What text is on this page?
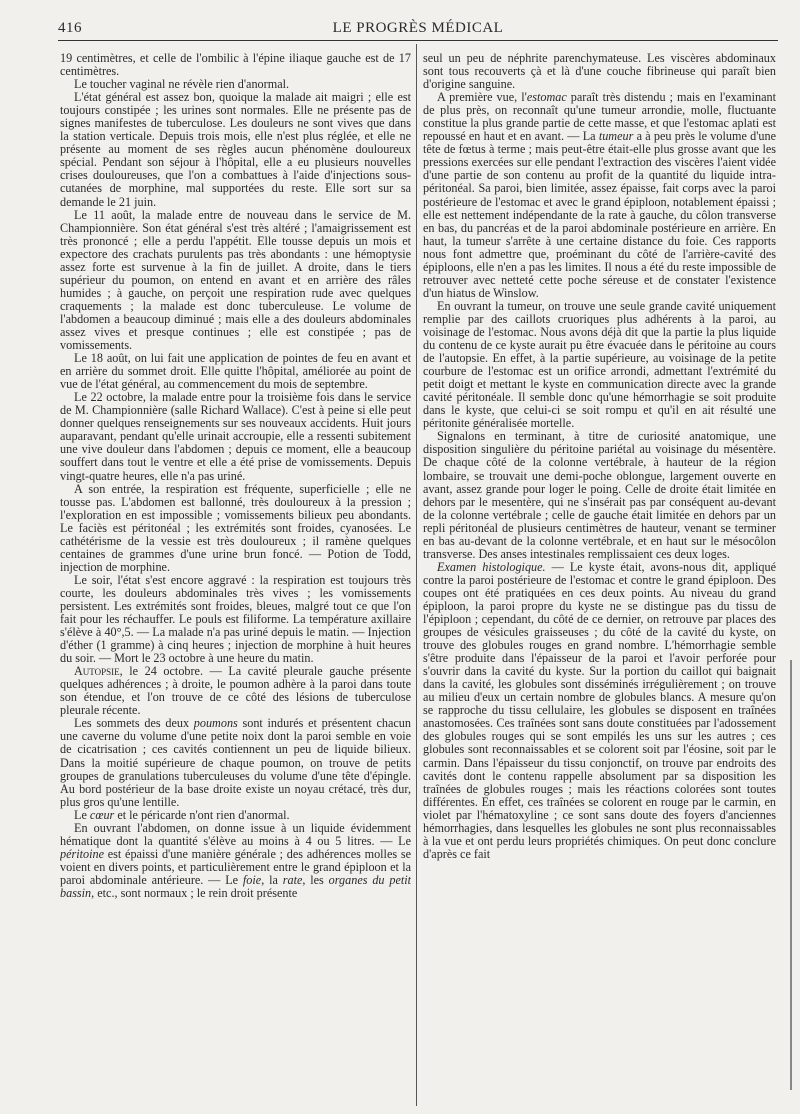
416	LE PROGRÈS MÉDICAL

19 centimètres, et celle de l'ombilic à l'épine iliaque gauche est de 17 centimètres.

Le toucher vaginal ne révèle rien d'anormal.

L'état général est assez bon, quoique la malade ait maigri ; elle est toujours constipée ; les urines sont normales. Elle ne présente pas de signes manifestes de tuberculose. Les douleurs ne sont vives que dans la station verticale. Depuis trois mois, elle n'est plus réglée, et elle ne présente au moment de ses règles aucun phénomène douloureux spécial. Pendant son séjour à l'hôpital, elle a eu plusieurs nouvelles crises douloureuses, que l'on a combattues à l'aide d'injections sous-cutanées de morphine, mal supportées du reste. Elle sort sur sa demande le 21 juin.

Le 11 août, la malade entre de nouveau dans le service de M. Championnière. Son état général s'est très altéré ; l'amaigrissement est très prononcé ; elle a perdu l'appétit. Elle tousse depuis un mois et expectore des crachats purulents pas très abondants : une hémoptysie assez forte est survenue à la fin de juillet. A droite, dans le tiers supérieur du poumon, on entend en avant et en arrière des râles humides ; à gauche, on perçoit une respiration rude avec quelques craquements ; la malade est donc tuberculeuse. Le volume de l'abdomen a beaucoup diminué ; mais elle a des douleurs abdominales assez vives et presque continues ; elle est constipée ; pas de vomissements.

Le 18 août, on lui fait une application de pointes de feu en avant et en arrière du sommet droit. Elle quitte l'hôpital, améliorée au point de vue de l'état général, au commencement du mois de septembre.

Le 22 octobre, la malade entre pour la troisième fois dans le service de M. Championnière (salle Richard Wallace). C'est à peine si elle peut donner quelques renseignements sur ses nouveaux accidents. Huit jours auparavant, pendant qu'elle urinait accroupie, elle a ressenti subitement une vive douleur dans l'abdomen ; depuis ce moment, elle a beaucoup souffert dans tout le ventre et elle a été prise de vomissements. Depuis vingt-quatre heures, elle n'a pas uriné.

A son entrée, la respiration est fréquente, superficielle ; elle ne tousse pas. L'abdomen est ballonné, très douloureux à la pression ; l'exploration en est impossible ; vomissements bilieux peu abondants. Le faciès est péritonéal ; les extrémités sont froides, cyanosées. Le cathétérisme de la vessie est très douloureux ; il ramène quelques centaines de grammes d'une urine brun foncé. — Potion de Todd, injection de morphine.

Le soir, l'état s'est encore aggravé : la respiration est toujours très courte, les douleurs abdominales très vives ; les vomissements persistent. Les extrémités sont froides, bleues, malgré tout ce que l'on fait pour les réchauffer. Le pouls est filiforme. La température axillaire s'élève à 40°,5. — La malade n'a pas uriné depuis le matin. — Injection d'éther (1 gramme) à cinq heures ; injection de morphine à huit heures du soir. — Mort le 23 octobre à une heure du matin.

Autopsie, le 24 octobre. — La cavité pleurale gauche présente quelques adhérences ; à droite, le poumon adhère à la paroi dans toute son étendue, et l'on trouve de ce côté des lésions de tuberculose pleurale récente.

Les sommets des deux poumons sont indurés et présentent chacun une caverne du volume d'une petite noix dont la paroi semble en voie de cicatrisation ; ces cavités contiennent un peu de liquide bilieux. Dans la moitié supérieure de chaque poumon, on trouve de petits groupes de granulations tuberculeuses du volume d'une tête d'épingle. Au bord postérieur de la base droite existe un noyau crétacé, très dur, plus gros qu'une lentille.

Le cœur et le péricarde n'ont rien d'anormal.

En ouvrant l'abdomen, on donne issue à un liquide évidemment hématique dont la quantité s'élève au moins à 4 ou 5 litres. — Le péritoine est épaissi d'une manière générale ; des adhérences molles se voient en divers points, et particulièrement entre le grand épiploon et la paroi abdominale antérieure. — Le foie, la rate, les organes du petit bassin, etc., sont normaux ; le rein droit présente

seul un peu de néphrite parenchymateuse. Les viscères abdominaux sont tous recouverts çà et là d'une couche fibrineuse qui paraît bien d'origine sanguine.

A première vue, l'estomac paraît très distendu ; mais en l'examinant de plus près, on reconnaît qu'une tumeur arrondie, molle, fluctuante constitue la plus grande partie de cette masse, et que l'estomac aplati est repoussé en haut et en avant. — La tumeur a à peu près le volume d'une tête de fœtus à terme ; mais peut-être était-elle plus grosse avant que les pressions exercées sur elle pendant l'extraction des viscères l'aient vidée d'une partie de son contenu au profit de la quantité du liquide intra-péritonéal. Sa paroi, bien limitée, assez épaisse, fait corps avec la paroi postérieure de l'estomac et avec le grand épiploon, notablement épaissi ; elle est nettement indépendante de la rate à gauche, du côlon transverse en bas, du pancréas et de la paroi abdominale postérieure en arrière. En haut, la tumeur s'arrête à une certaine distance du foie. Ces rapports nous font admettre que, proéminant du côté de l'arrière-cavité des épiploons, elle n'en a pas les limites. Il nous a été du reste impossible de retrouver avec netteté cette poche séreuse et de constater l'existence d'un hiatus de Winslow.

En ouvrant la tumeur, on trouve une seule grande cavité uniquement remplie par des caillots cruoriques plus adhérents à la paroi, au voisinage de l'estomac. Nous avons déjà dit que la partie la plus liquide du contenu de ce kyste aurait pu être évacuée dans le péritoine au cours de l'autopsie. En effet, à la partie supérieure, au voisinage de la petite courbure de l'estomac est un orifice arrondi, admettant l'extrémité du petit doigt et mettant le kyste en communication directe avec la grande cavité péritonéale. Il semble donc qu'une hémorrhagie se soit produite dans le kyste, que celui-ci se soit rompu et qu'il en ait résulté une péritonite généralisée mortelle.

Signalons en terminant, à titre de curiosité anatomique, une disposition singulière du péritoine pariétal au voisinage du mésentère. De chaque côté de la colonne vertébrale, à hauteur de la région lombaire, se trouvait une demi-poche oblongue, largement ouverte en avant, assez grande pour loger le poing. Celle de droite était limitée en dehors par le mesentère, qui ne s'insérait pas par conséquent au-devant de la colonne vertébrale ; celle de gauche était limitée en dehors par un repli péritonéal de plusieurs centimètres de hauteur, venant se terminer en bas au-devant de la colonne vertébrale, et en haut sur le mésocôlon transverse. Des anses intestinales remplissaient ces deux loges.

Examen histologique. — Le kyste était, avons-nous dit, appliqué contre la paroi postérieure de l'estomac et contre le grand épiploon. Des coupes ont été pratiquées en ces deux points. Au niveau du grand épiploon, la paroi propre du kyste ne se distingue pas du tissu de l'épiploon ; cependant, du côté de ce dernier, on retrouve par places des groupes de vésicules graisseuses ; du côté de la cavité du kyste, on trouve des globules rouges en grand nombre. L'hémorrhagie semble s'être produite dans l'épaisseur de la paroi et l'avoir perforée pour s'ouvrir dans la cavité du kyste. Sur la portion du caillot qui baignait dans la cavité, les globules sont disséminés irrégulièrement ; on trouve au milieu d'eux un certain nombre de globules blancs. A mesure qu'on se rapproche du tissu cellulaire, les globules se disposent en traînées anastomosées. Ces traînées sont sans doute constituées par l'adossement des globules rouges qui se sont empilés les uns sur les autres ; ces globules sont reconnaissables et se colorent soit par l'éosine, soit par le carmin. Dans l'épaisseur du tissu conjonctif, on trouve par endroits des cavités dont le contenu rappelle absolument par sa disposition les traînées de globules rouges ; mais les réactions colorées sont toutes différentes. En effet, ces traînées se colorent en rouge par le carmin, en violet par l'hématoxyline ; ce sont sans doute des foyers d'anciennes hémorrhagies, dans lesquelles les globules ne sont plus reconnaissables à la vue et ont perdu leurs propriétés chimiques. On peut donc conclure d'après ce fait
